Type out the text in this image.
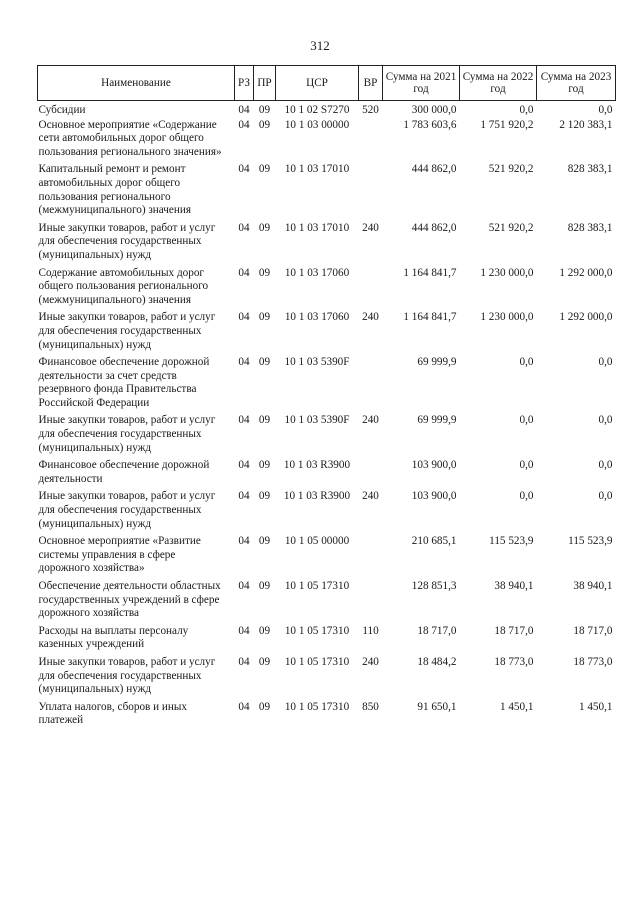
312
Наименование	РЗ	ПР	ЦСР	ВР	Сумма на 2021 год	Сумма на 2022 год	Сумма на 2023 год
Субсидии	04	09	10 1 02 S7270	520	300 000,0	0,0	0,0
Основное мероприятие «Содержание сети автомобильных дорог общего пользования регионального значения»	04	09	10 1 03 00000		1 783 603,6	1 751 920,2	2 120 383,1
Капитальный ремонт и ремонт автомобильных дорог общего пользования регионального (межмуниципального) значения	04	09	10 1 03 17010		444 862,0	521 920,2	828 383,1
Иные закупки товаров, работ и услуг для обеспечения государственных (муниципальных) нужд	04	09	10 1 03 17010	240	444 862,0	521 920,2	828 383,1
Содержание автомобильных дорог общего пользования регионального (межмуниципального) значения	04	09	10 1 03 17060		1 164 841,7	1 230 000,0	1 292 000,0
Иные закупки товаров, работ и услуг для обеспечения государственных (муниципальных) нужд	04	09	10 1 03 17060	240	1 164 841,7	1 230 000,0	1 292 000,0
Финансовое обеспечение дорожной деятельности за счет средств резервного фонда Правительства Российской Федерации	04	09	10 1 03 5390F		69 999,9	0,0	0,0
Иные закупки товаров, работ и услуг для обеспечения государственных (муниципальных) нужд	04	09	10 1 03 5390F	240	69 999,9	0,0	0,0
Финансовое обеспечение дорожной деятельности	04	09	10 1 03 R3900		103 900,0	0,0	0,0
Иные закупки товаров, работ и услуг для обеспечения государственных (муниципальных) нужд	04	09	10 1 03 R3900	240	103 900,0	0,0	0,0
Основное мероприятие «Развитие системы управления в сфере дорожного хозяйства»	04	09	10 1 05 00000		210 685,1	115 523,9	115 523,9
Обеспечение деятельности областных государственных учреждений в сфере дорожного хозяйства	04	09	10 1 05 17310		128 851,3	38 940,1	38 940,1
Расходы на выплаты персоналу казенных учреждений	04	09	10 1 05 17310	110	18 717,0	18 717,0	18 717,0
Иные закупки товаров, работ и услуг для обеспечения государственных (муниципальных) нужд	04	09	10 1 05 17310	240	18 484,2	18 773,0	18 773,0
Уплата налогов, сборов и иных платежей	04	09	10 1 05 17310	850	91 650,1	1 450,1	1 450,1
